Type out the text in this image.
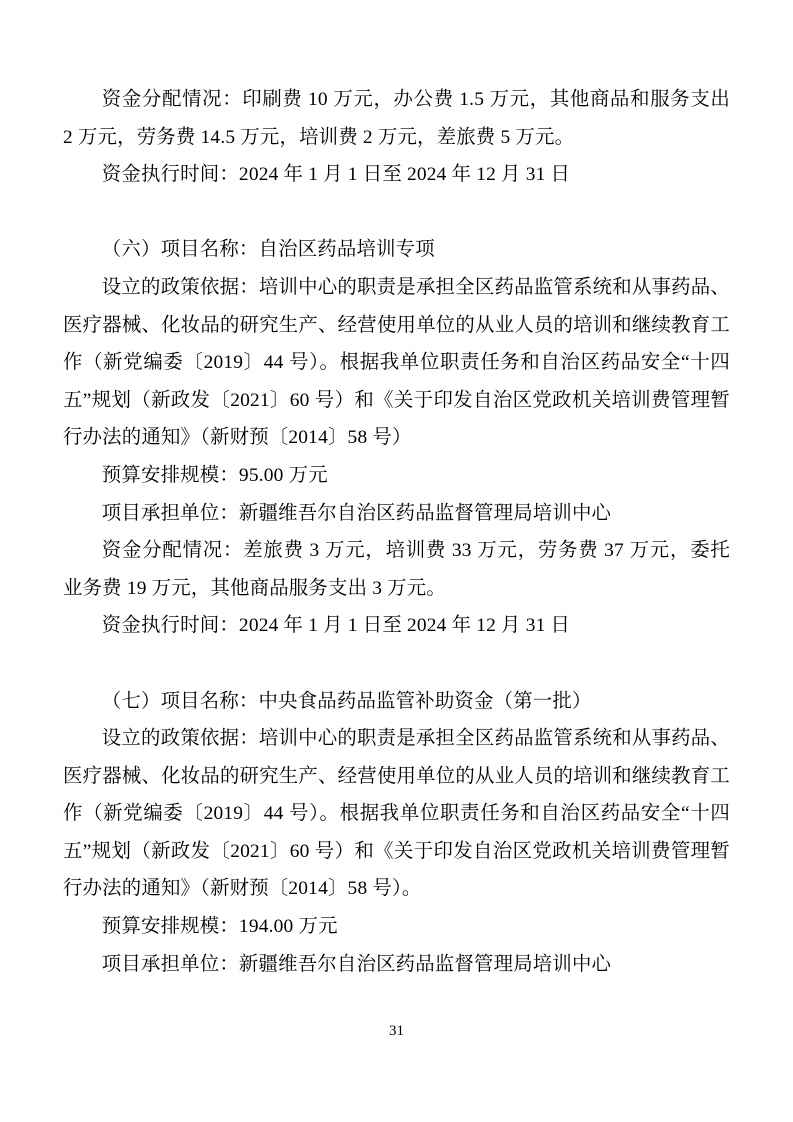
资金分配情况：印刷费 10 万元，办公费 1.5 万元，其他商品和服务支出 2 万元，劳务费 14.5 万元，培训费 2 万元，差旅费 5 万元。

资金执行时间：2024 年 1 月 1 日至 2024 年 12 月 31 日

（六）项目名称：自治区药品培训专项

设立的政策依据：培训中心的职责是承担全区药品监管系统和从事药品、医疗器械、化妆品的研究生产、经营使用单位的从业人员的培训和继续教育工作（新党编委〔2019〕44 号）。根据我单位职责任务和自治区药品安全“十四五”规划（新政发〔2021〕60 号）和《关于印发自治区党政机关培训费管理暂行办法的通知》（新财预〔2014〕58 号）

预算安排规模：95.00 万元

项目承担单位：新疆维吾尔自治区药品监督管理局培训中心

资金分配情况：差旅费 3 万元，培训费 33 万元，劳务费 37 万元，委托业务费 19 万元，其他商品服务支出 3 万元。

资金执行时间：2024 年 1 月 1 日至 2024 年 12 月 31 日

（七）项目名称：中央食品药品监管补助资金（第一批）

设立的政策依据：培训中心的职责是承担全区药品监管系统和从事药品、医疗器械、化妆品的研究生产、经营使用单位的从业人员的培训和继续教育工作（新党编委〔2019〕44 号）。根据我单位职责任务和自治区药品安全“十四五”规划（新政发〔2021〕60 号）和《关于印发自治区党政机关培训费管理暂行办法的通知》（新财预〔2014〕58 号）。

预算安排规模：194.00 万元

项目承担单位：新疆维吾尔自治区药品监督管理局培训中心

31
